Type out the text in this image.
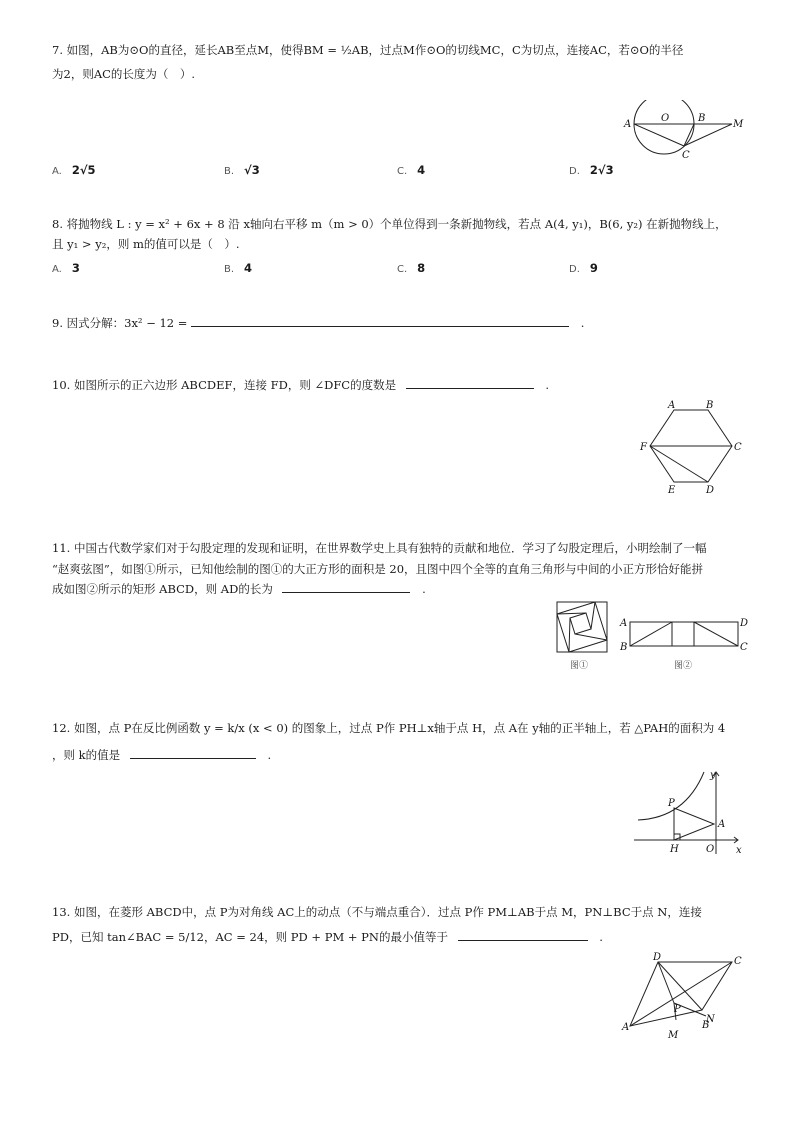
7. 如图，AB为⊙O的直径，延长AB至点M，使得BM = ½AB，过点M作⊙O的切线MC，C为切点，连接AC，若⊙O的半径
为2，则AC的长度为（　）.
A
O	B
M
C
A. 2√5	B. √3	C. 4	D. 2√3
8. 将抛物线 L : y = x² + 6x + 8 沿 x轴向右平移 m（m > 0）个单位得到一条新抛物线，若点 A(4, y₁)，B(6, y₂) 在新抛物线上，
且 y₁ > y₂，则 m的值可以是（　）.
A. 3	B. 4	C. 8	D. 9
9. 因式分解：3x² − 12 =	.
10. 如图所示的正六边形 ABCDEF，连接 FD，则 ∠DFC的度数是	.
A	B
C
D
E
F
11. 中国古代数学家们对于勾股定理的发现和证明，在世界数学史上具有独特的贡献和地位．学习了勾股定理后，小明绘制了一幅
“赵爽弦图”，如图①所示，已知他绘制的图①的大正方形的面积是 20，且图中四个全等的直角三角形与中间的小正方形恰好能拼
成如图②所示的矩形 ABCD，则 AD的长为	.
图①
A
B	C
D
图②
12. 如图，点 P在反比例函数 y = k/x (x < 0) 的图象上，过点 P作 PH⊥x轴于点 H，点 A在 y轴的正半轴上，若 △PAH的面积为 4
，则 k的值是	.
y
P
A
H	O x
13. 如图，在菱形 ABCD中，点 P为对角线 AC上的动点（不与端点重合）．过点 P作 PM⊥AB于点 M，PN⊥BC于点 N，连接
PD，已知 tan∠BAC = 5/12，AC = 24，则 PD + PM + PN的最小值等于	.
D	C
A	B
P
M
N
